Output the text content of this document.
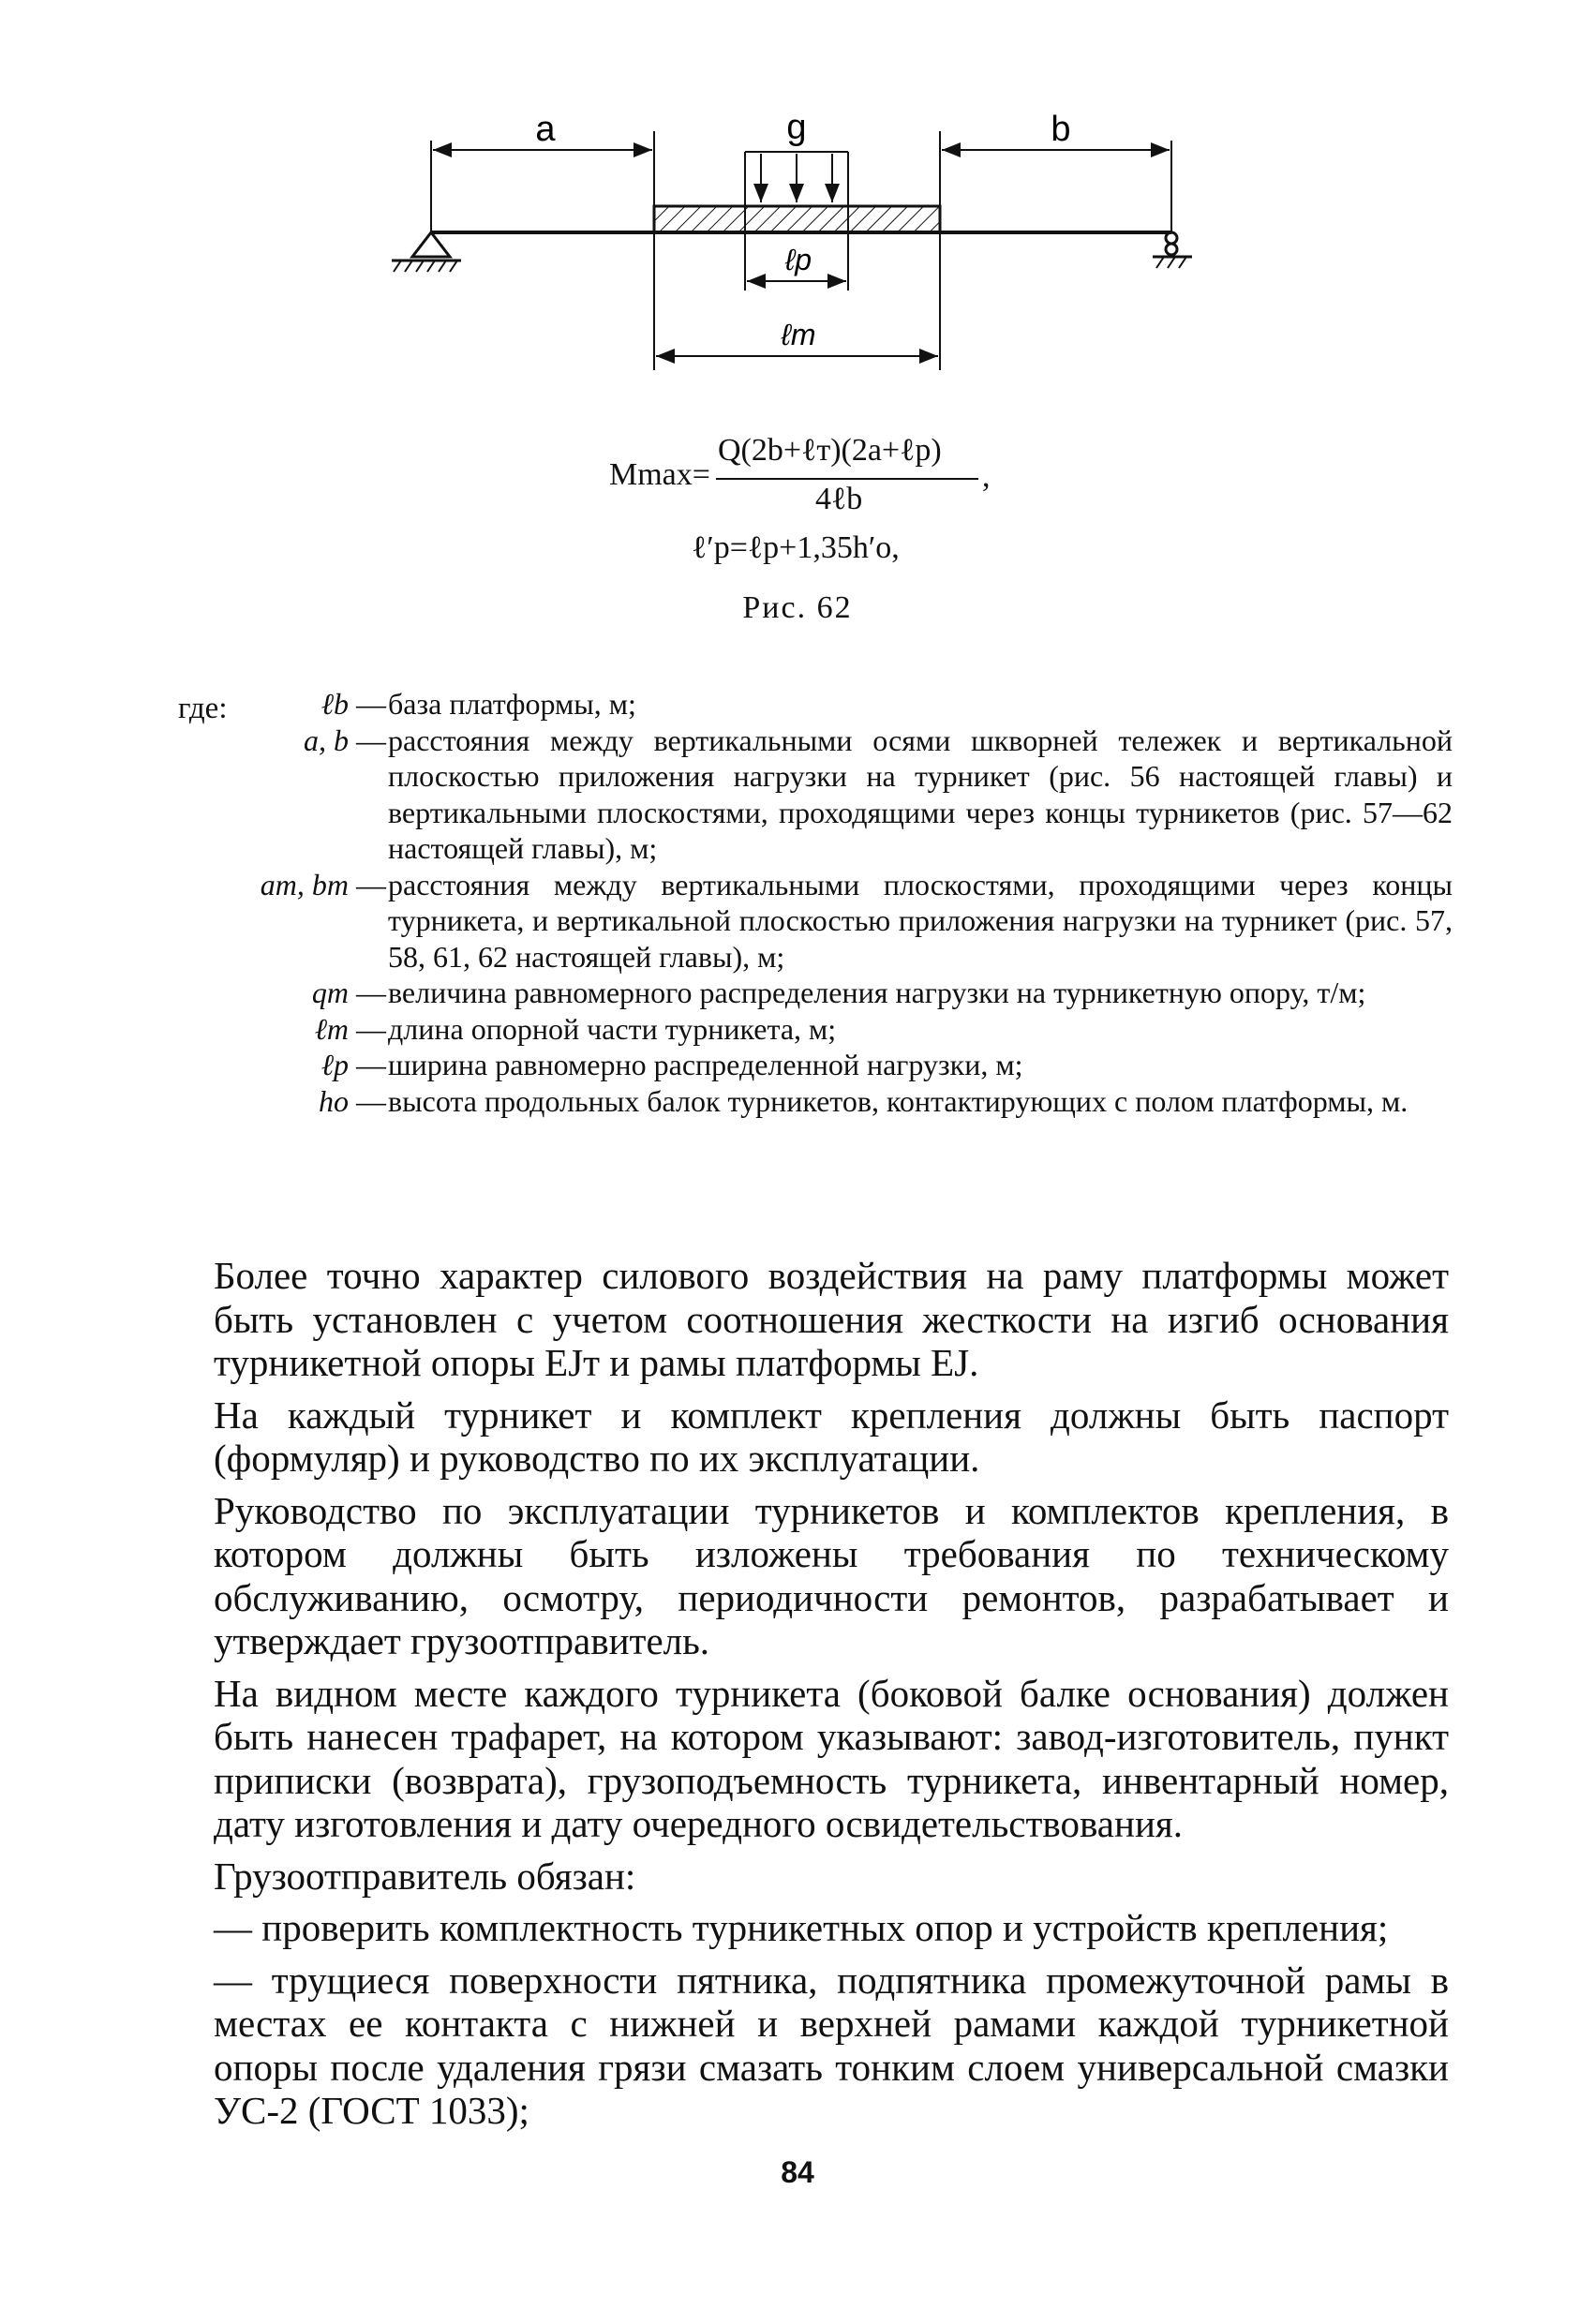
a	g	b
ℓp
ℓт
Mmax=
Q(2b+ℓт)(2a+ℓp)
4ℓb
,
ℓ′p=ℓp+1,35h′o,
Рис. 62
где:	ℓb — база платформы, м;
a, b — расстояния между вертикальными осями шкворней тележек и вертикальной плоскостью приложения нагрузки на турникет (рис. 56 настоящей главы) и вертикальными плоскостями, проходящими через концы турникетов (рис. 57—62 настоящей главы), м;
am, bm — расстояния между вертикальными плоскостями, проходящими через концы турникета, и вертикальной плоскостью приложения нагрузки на турникет (рис. 57, 58, 61, 62 настоящей главы), м;
qm — величина равномерного распределения нагрузки на турникетную опору, т/м;
ℓm — длина опорной части турникета, м;
ℓp — ширина равномерно распределенной нагрузки, м;
ho — высота продольных балок турникетов, контактирующих с полом платформы, м.

Более точно характер силового воздействия на раму платформы может быть установлен с учетом соотношения жесткости на изгиб основания турникетной опоры EJт и рамы платформы EJ.

На каждый турникет и комплект крепления должны быть паспорт (формуляр) и руководство по их эксплуатации.

Руководство по эксплуатации турникетов и комплектов крепления, в котором должны быть изложены требования по техническому обслуживанию, осмотру, периодичности ремонтов, разрабатывает и утверждает грузоотправитель.

На видном месте каждого турникета (боковой балке основания) должен быть нанесен трафарет, на котором указывают: завод-изготовитель, пункт приписки (возврата), грузоподъемность турникета, инвентарный номер, дату изготовления и дату очередного освидетельствования.

Грузоотправитель обязан:

— проверить комплектность турникетных опор и устройств крепления;

— трущиеся поверхности пятника, подпятника промежуточной рамы в местах ее контакта с нижней и верхней рамами каждой турникетной опоры после удаления грязи смазать тонким слоем универсальной смазки УС-2 (ГОСТ 1033);

84
